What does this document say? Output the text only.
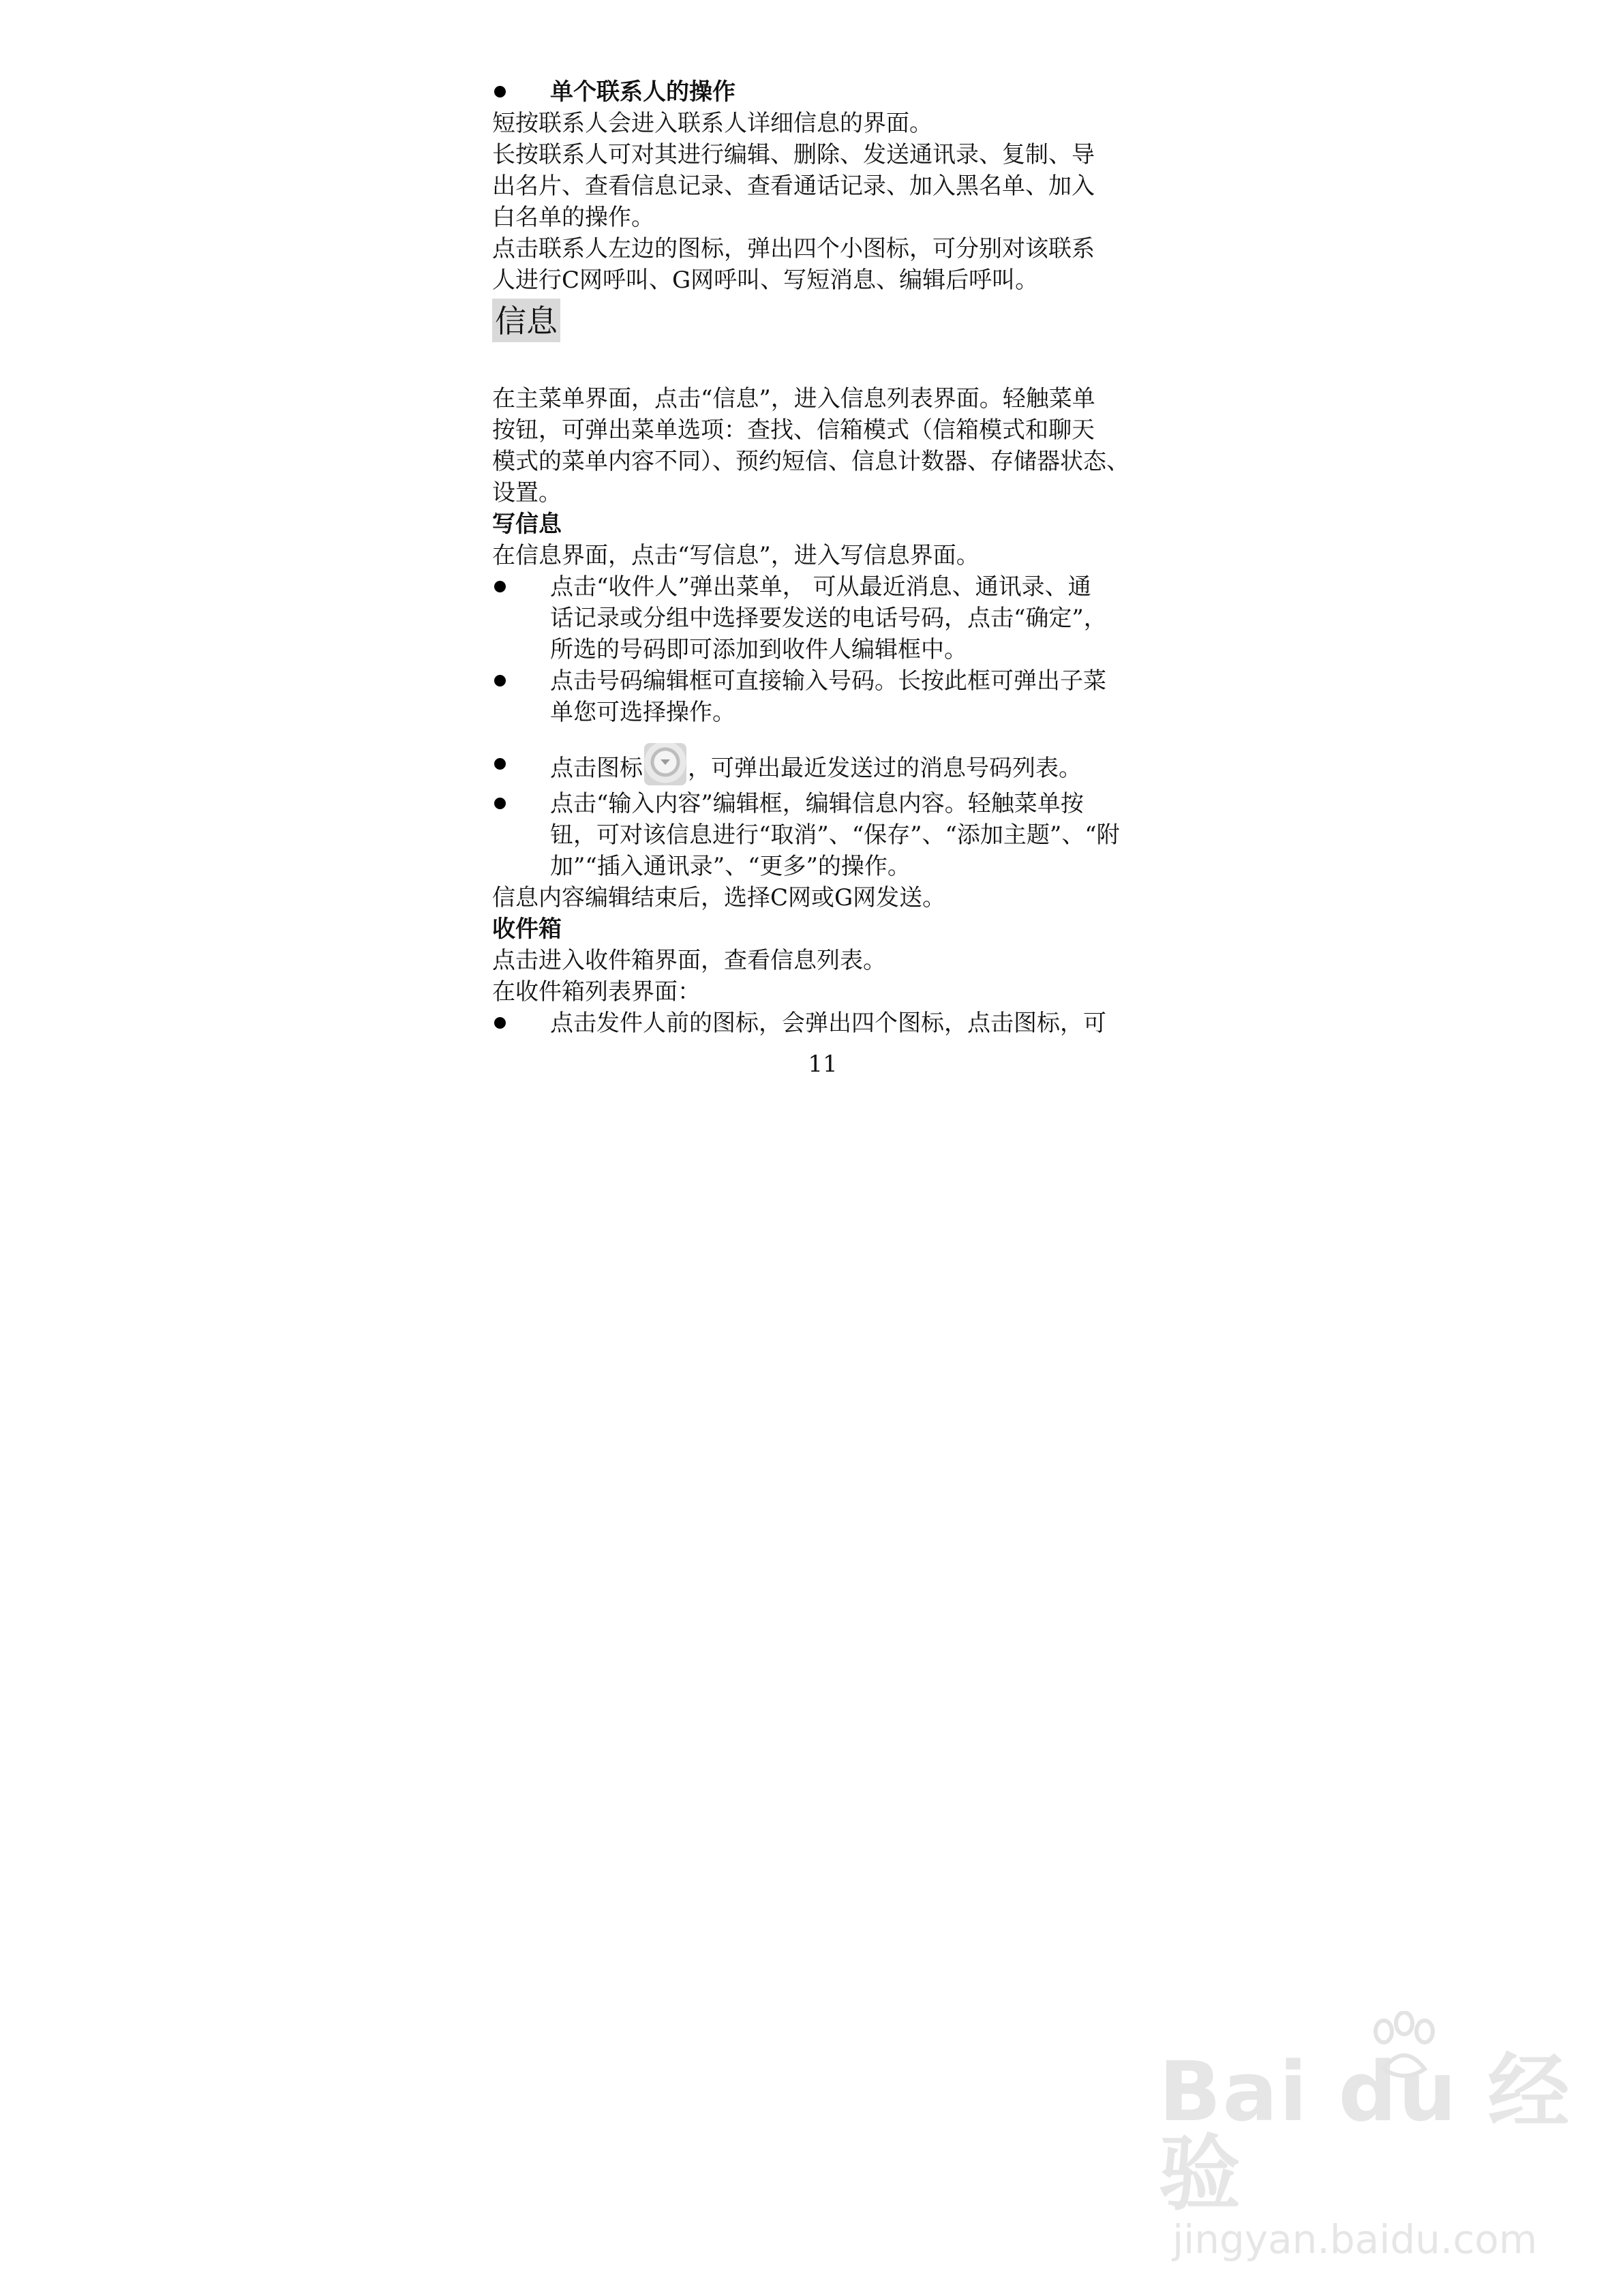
单个联系人的操作

短按联系人会进入联系人详细信息的界面。

长按联系人可对其进行编辑、删除、发送通讯录、复制、导

出名片、查看信息记录、查看通话记录、加入黑名单、加入

白名单的操作。

点击联系人左边的图标，弹出四个小图标，可分别对该联系

人进行C网呼叫、G网呼叫、写短消息、编辑后呼叫。

信息

在主菜单界面，点击“信息”，进入信息列表界面。轻触菜单

按钮，可弹出菜单选项：查找、信箱模式（信箱模式和聊天

模式的菜单内容不同）、预约短信、信息计数器、存储器状态、

设置。

写信息

在信息界面，点击“写信息”，进入写信息界面。

点击“收件人”弹出菜单， 可从最近消息、通讯录、通

话记录或分组中选择要发送的电话号码，点击“确定”，

所选的号码即可添加到收件人编辑框中。

点击号码编辑框可直接输入号码。长按此框可弹出子菜

单您可选择操作。

点击图标 ，可弹出最近发送过的消息号码列表。

点击“输入内容”编辑框，编辑信息内容。轻触菜单按

钮，可对该信息进行“取消”、“保存”、“添加主题”、“附

加”“插入通讯录”、“更多”的操作。

信息内容编辑结束后，选择C网或G网发送。

收件箱

点击进入收件箱界面，查看信息列表。

在收件箱列表界面：

点击发件人前的图标，会弹出四个图标，点击图标，可

11
Bai du 经验
jingyan.baidu.com
